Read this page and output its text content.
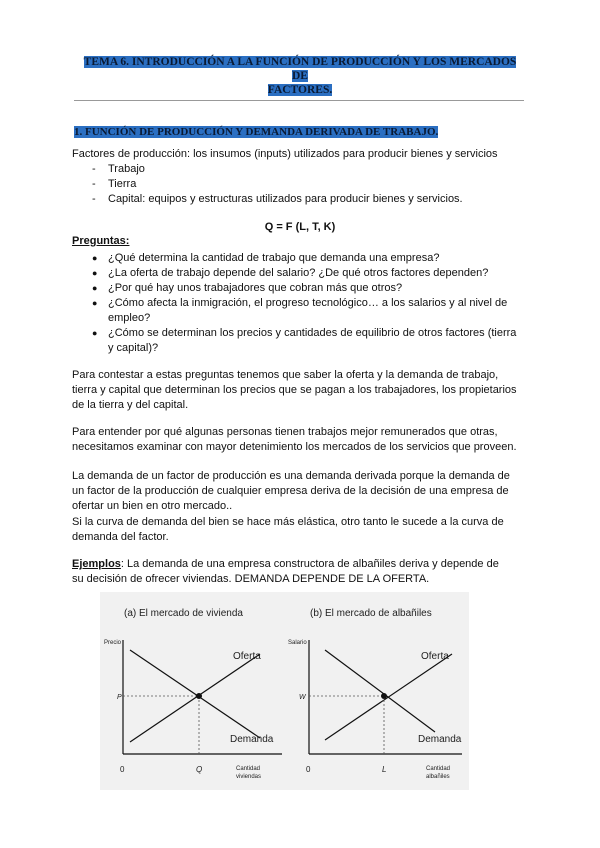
TEMA 6. INTRODUCCIÓN A LA FUNCIÓN DE PRODUCCIÓN Y LOS MERCADOS DE
FACTORES.
1. FUNCIÓN DE PRODUCCIÓN Y DEMANDA DERIVADA DE TRABAJO.
Factores de producción: los insumos (inputs) utilizados para producir bienes y servicios
- Trabajo
- Tierra
- Capital: equipos y estructuras utilizados para producir bienes y servicios.
Q = F (L, T, K)
Preguntas:
● ¿Qué determina la cantidad de trabajo que demanda una empresa?
● ¿La oferta de trabajo depende del salario? ¿De qué otros factores dependen?
● ¿Por qué hay unos trabajadores que cobran más que otros?
● ¿Cómo afecta la inmigración, el progreso tecnológico… a los salarios y al nivel de
empleo?
● ¿Cómo se determinan los precios y cantidades de equilibrio de otros factores (tierra
y capital)?
Para contestar a estas preguntas tenemos que saber la oferta y la demanda de trabajo,
tierra y capital que determinan los precios que se pagan a los trabajadores, los propietarios
de la tierra y del capital.
Para entender por qué algunas personas tienen trabajos mejor remunerados que otras,
necesitamos examinar con mayor detenimiento los mercados de los servicios que proveen.
La demanda de un factor de producción es una demanda derivada porque la demanda de
un factor de la producción de cualquier empresa deriva de la decisión de una empresa de
ofertar un bien en otro mercado..
Si la curva de demanda del bien se hace más elástica, otro tanto le sucede a la curva de
demanda del factor.
Ejemplos: La demanda de una empresa constructora de albañiles deriva y depende de
su decisión de ofrecer viviendas. DEMANDA DEPENDE DE LA OFERTA.
(a) El mercado de vivienda
Precio
Oferta
Demanda
P
Q
0	Cantidad
viviendas
(b) El mercado de albañiles
Salario
Oferta
Demanda
W
L
0	Cantidad
albañiles
